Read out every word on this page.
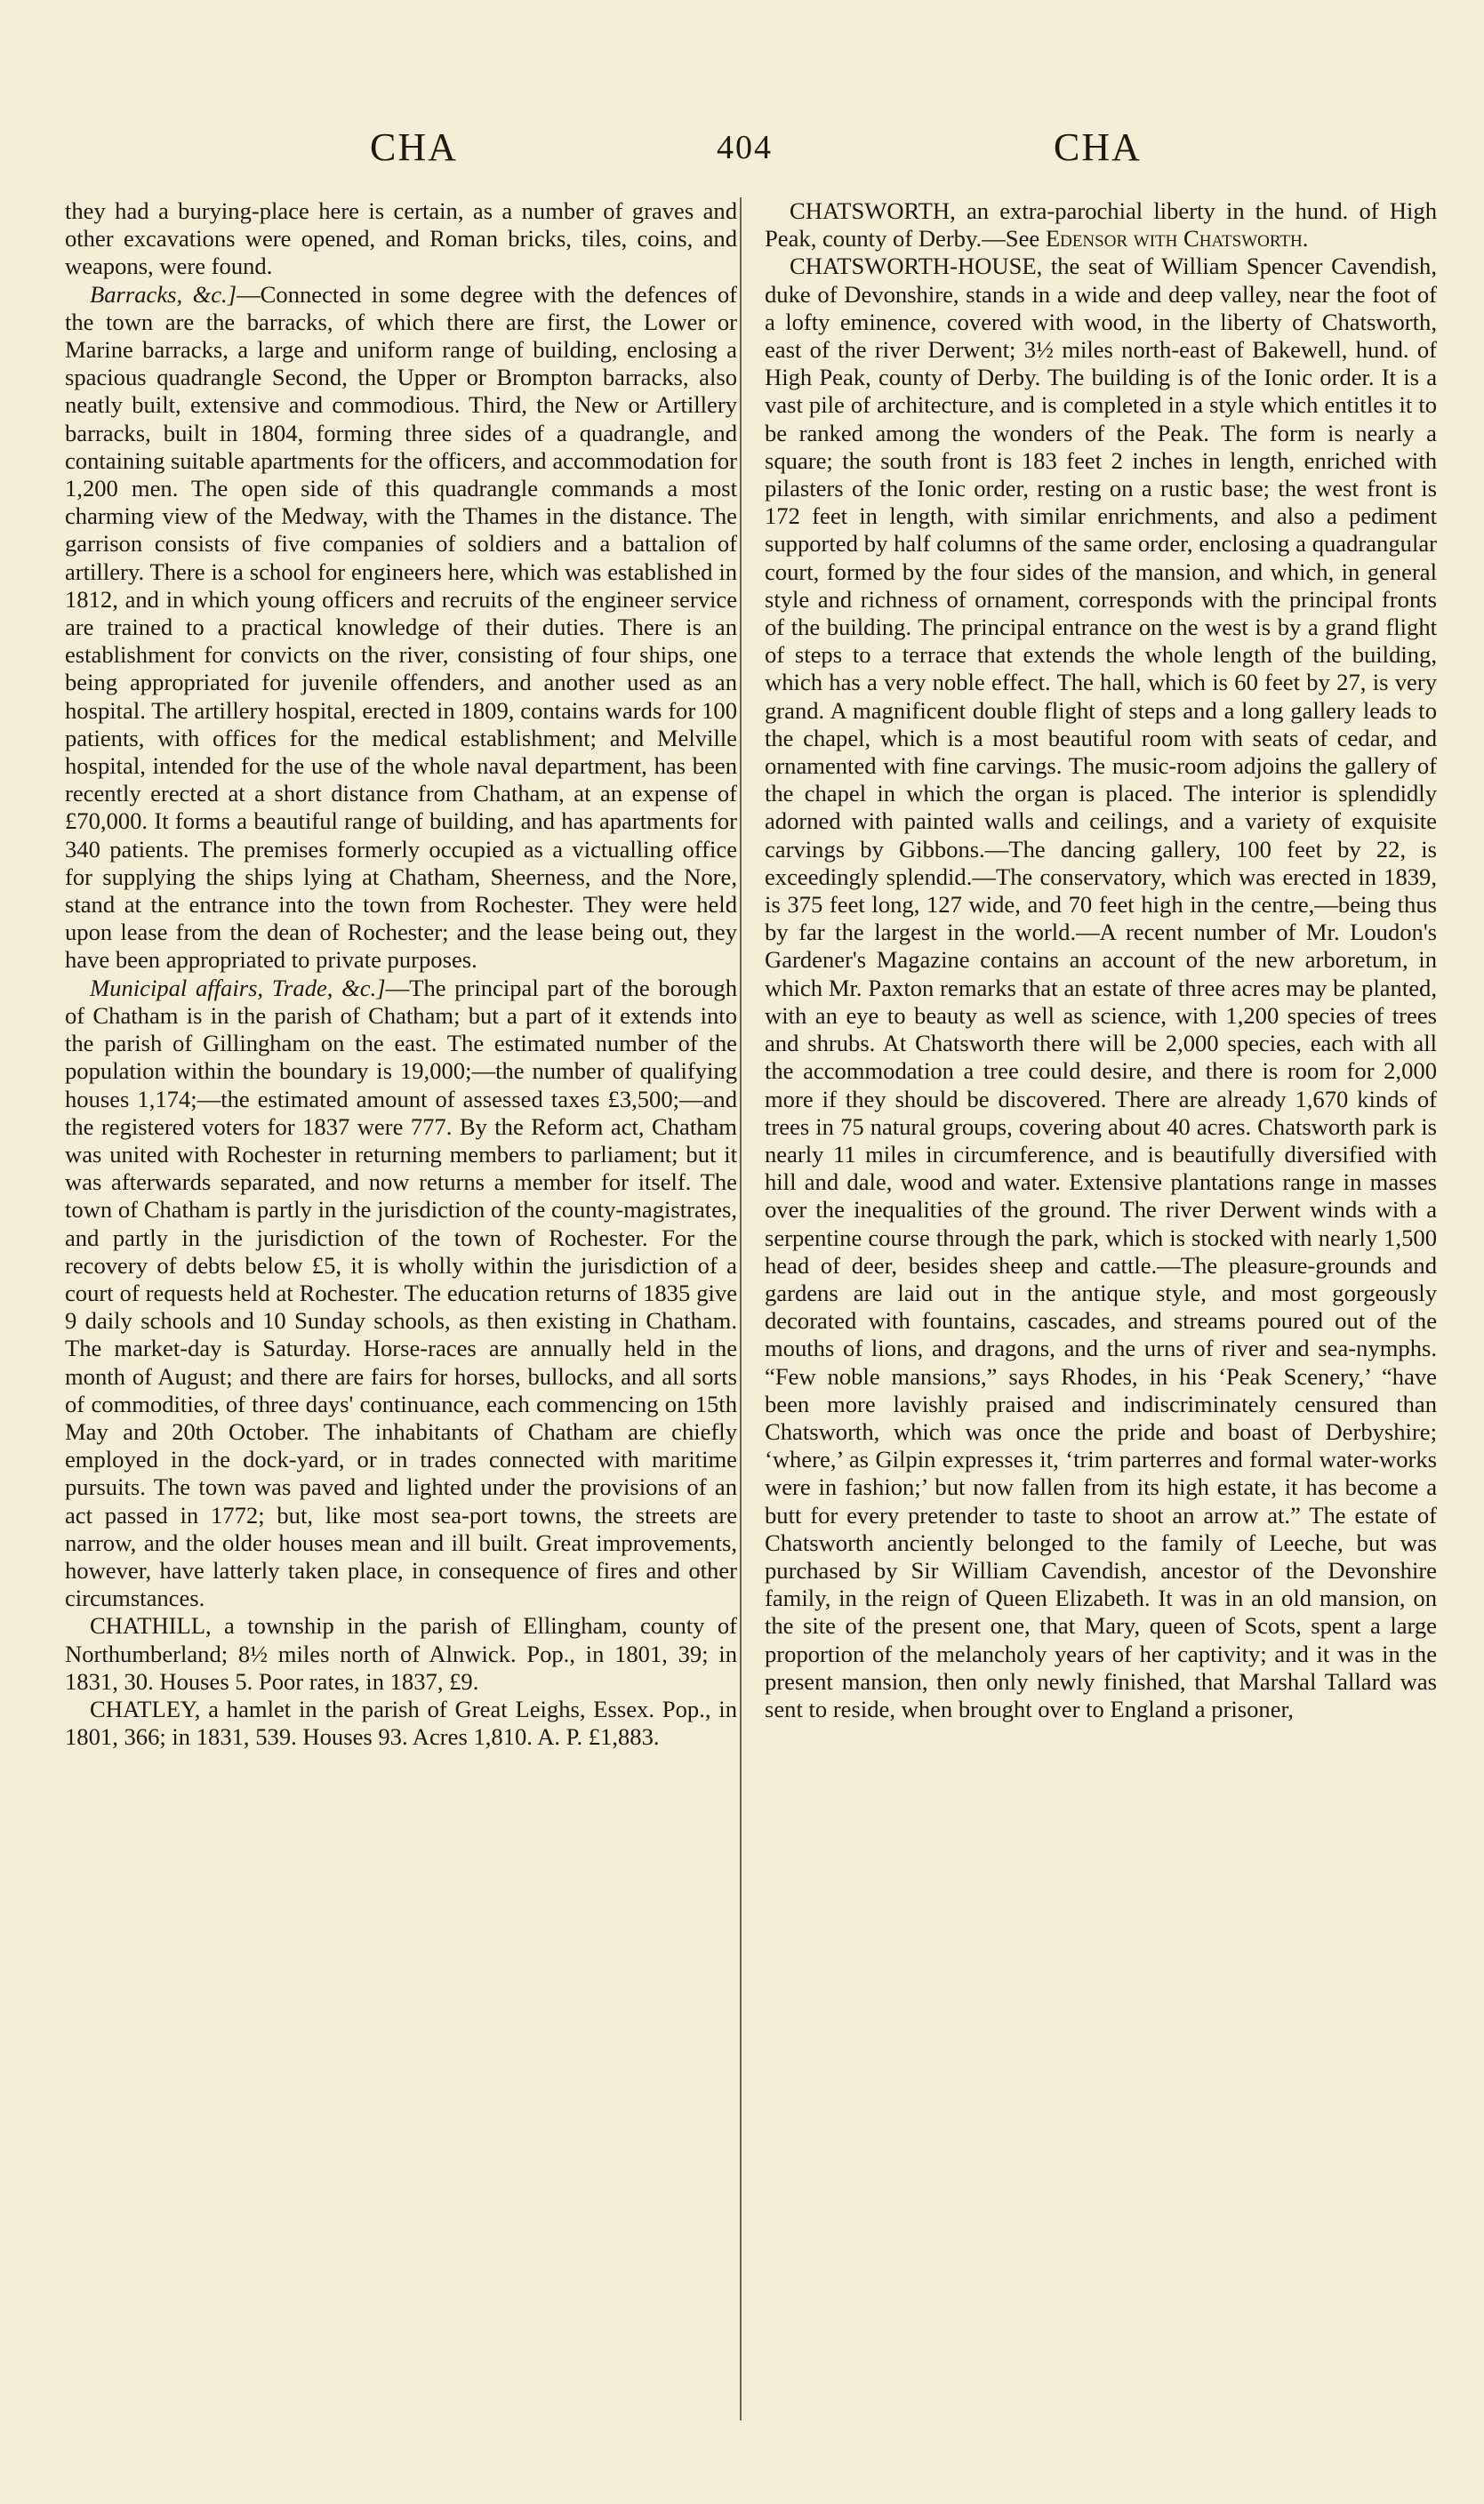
CHA	404	CHA

they had a burying-place here is certain, as a number of graves and other excavations were opened, and Roman bricks, tiles, coins, and weapons, were found.

Barracks, &c.]—Connected in some degree with the defences of the town are the barracks, of which there are first, the Lower or Marine barracks, a large and uniform range of building, enclosing a spacious quadrangle Second, the Upper or Brompton barracks, also neatly built, extensive and commodious. Third, the New or Artillery barracks, built in 1804, forming three sides of a quadrangle, and containing suitable apartments for the officers, and accommodation for 1,200 men. The open side of this quadrangle commands a most charming view of the Medway, with the Thames in the distance. The garrison consists of five companies of soldiers and a battalion of artillery. There is a school for engineers here, which was established in 1812, and in which young officers and recruits of the engineer service are trained to a practical knowledge of their duties. There is an establishment for convicts on the river, consisting of four ships, one being appropriated for juvenile offenders, and another used as an hospital. The artillery hospital, erected in 1809, contains wards for 100 patients, with offices for the medical establishment; and Melville hospital, intended for the use of the whole naval department, has been recently erected at a short distance from Chatham, at an expense of £70,000. It forms a beautiful range of building, and has apartments for 340 patients. The premises formerly occupied as a victualling office for supplying the ships lying at Chatham, Sheerness, and the Nore, stand at the entrance into the town from Rochester. They were held upon lease from the dean of Rochester; and the lease being out, they have been appropriated to private purposes.

Municipal affairs, Trade, &c.]—The principal part of the borough of Chatham is in the parish of Chatham; but a part of it extends into the parish of Gillingham on the east. The estimated number of the population within the boundary is 19,000;—the number of qualifying houses 1,174;—the estimated amount of assessed taxes £3,500;—and the registered voters for 1837 were 777. By the Reform act, Chatham was united with Rochester in returning members to parliament; but it was afterwards separated, and now returns a member for itself. The town of Chatham is partly in the jurisdiction of the county-magistrates, and partly in the jurisdiction of the town of Rochester. For the recovery of debts below £5, it is wholly within the jurisdiction of a court of requests held at Rochester. The education returns of 1835 give 9 daily schools and 10 Sunday schools, as then existing in Chatham. The market-day is Saturday. Horse-races are annually held in the month of August; and there are fairs for horses, bullocks, and all sorts of commodities, of three days' continuance, each commencing on 15th May and 20th October. The inhabitants of Chatham are chiefly employed in the dock-yard, or in trades connected with maritime pursuits. The town was paved and lighted under the provisions of an act passed in 1772; but, like most sea-port towns, the streets are narrow, and the older houses mean and ill built. Great improvements, however, have latterly taken place, in consequence of fires and other circumstances.

CHATHILL, a township in the parish of Ellingham, county of Northumberland; 8½ miles north of Alnwick. Pop., in 1801, 39; in 1831, 30. Houses 5. Poor rates, in 1837, £9.

CHATLEY, a hamlet in the parish of Great Leighs, Essex. Pop., in 1801, 366; in 1831, 539. Houses 93. Acres 1,810. A. P. £1,883.

CHATSWORTH, an extra-parochial liberty in the hund. of High Peak, county of Derby.—See Edensor with Chatsworth.

CHATSWORTH-HOUSE, the seat of William Spencer Cavendish, duke of Devonshire, stands in a wide and deep valley, near the foot of a lofty eminence, covered with wood, in the liberty of Chatsworth, east of the river Derwent; 3½ miles north-east of Bakewell, hund. of High Peak, county of Derby. The building is of the Ionic order. It is a vast pile of architecture, and is completed in a style which entitles it to be ranked among the wonders of the Peak. The form is nearly a square; the south front is 183 feet 2 inches in length, enriched with pilasters of the Ionic order, resting on a rustic base; the west front is 172 feet in length, with similar enrichments, and also a pediment supported by half columns of the same order, enclosing a quadrangular court, formed by the four sides of the mansion, and which, in general style and richness of ornament, corresponds with the principal fronts of the building. The principal entrance on the west is by a grand flight of steps to a terrace that extends the whole length of the building, which has a very noble effect. The hall, which is 60 feet by 27, is very grand. A magnificent double flight of steps and a long gallery leads to the chapel, which is a most beautiful room with seats of cedar, and ornamented with fine carvings. The music-room adjoins the gallery of the chapel in which the organ is placed. The interior is splendidly adorned with painted walls and ceilings, and a variety of exquisite carvings by Gibbons.—The dancing gallery, 100 feet by 22, is exceedingly splendid.—The conservatory, which was erected in 1839, is 375 feet long, 127 wide, and 70 feet high in the centre,—being thus by far the largest in the world.—A recent number of Mr. Loudon's Gardener's Magazine contains an account of the new arboretum, in which Mr. Paxton remarks that an estate of three acres may be planted, with an eye to beauty as well as science, with 1,200 species of trees and shrubs. At Chatsworth there will be 2,000 species, each with all the accommodation a tree could desire, and there is room for 2,000 more if they should be discovered. There are already 1,670 kinds of trees in 75 natural groups, covering about 40 acres. Chatsworth park is nearly 11 miles in circumference, and is beautifully diversified with hill and dale, wood and water. Extensive plantations range in masses over the inequalities of the ground. The river Derwent winds with a serpentine course through the park, which is stocked with nearly 1,500 head of deer, besides sheep and cattle.—The pleasure-grounds and gardens are laid out in the antique style, and most gorgeously decorated with fountains, cascades, and streams poured out of the mouths of lions, and dragons, and the urns of river and sea-nymphs. “Few noble mansions,” says Rhodes, in his ‘Peak Scenery,’ “have been more lavishly praised and indiscriminately censured than Chatsworth, which was once the pride and boast of Derbyshire; ‘where,’ as Gilpin expresses it, ‘trim parterres and formal water-works were in fashion;’ but now fallen from its high estate, it has become a butt for every pretender to taste to shoot an arrow at.” The estate of Chatsworth anciently belonged to the family of Leeche, but was purchased by Sir William Cavendish, ancestor of the Devonshire family, in the reign of Queen Elizabeth. It was in an old mansion, on the site of the present one, that Mary, queen of Scots, spent a large proportion of the melancholy years of her captivity; and it was in the present mansion, then only newly finished, that Marshal Tallard was sent to reside, when brought over to England a prisoner,
